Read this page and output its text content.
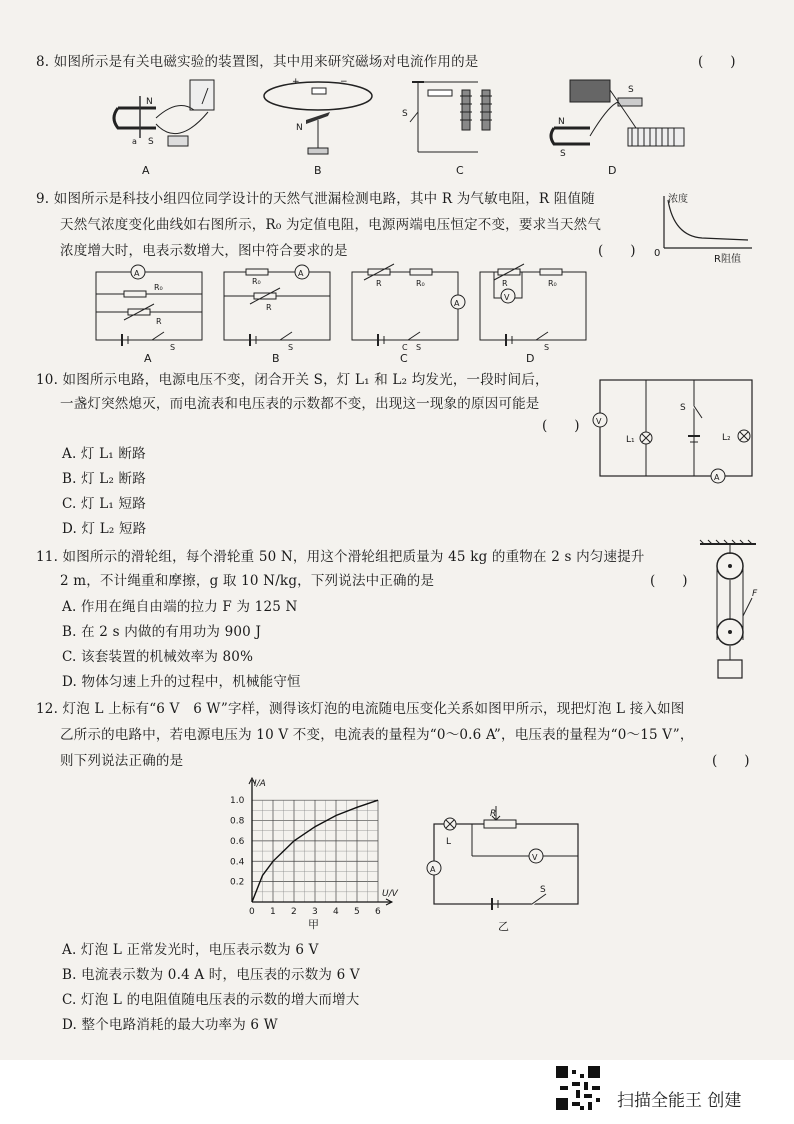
8. 如图所示是有关电磁实验的装置图，其中用来研究磁场对电流作用的是	(　　)
N
S
a
+	−
N
S
S
N
S
A	B	C	D
9. 如图所示是科技小组四位同学设计的天然气泄漏检测电路，其中 R 为气敏电阻，R 阻值随
天然气浓度变化曲线如右图所示，R₀ 为定值电阻，电源两端电压恒定不变，要求当天然气
浓度增大时，电表示数增大，图中符合要求的是	(　　)
浓度
0
R阻值
A
R₀
R
S
A
R₀
R
S
R	R₀
A
C S
R
V
R₀
S
A	B	C	D
10. 如图所示电路，电源电压不变，闭合开关 S，灯 L₁ 和 L₂ 均发光，一段时间后，
一盏灯突然熄灭，而电流表和电压表的示数都不变，出现这一现象的原因可能是
(　　)
A. 灯 L₁ 断路
B. 灯 L₂ 断路
C. 灯 L₁ 短路
D. 灯 L₂ 短路
V
L₁
S
L₂
A
11. 如图所示的滑轮组，每个滑轮重 50 N，用这个滑轮组把质量为 45 kg 的重物在 2 s 内匀速提升
2 m，不计绳重和摩擦，g 取 10 N/kg，下列说法中正确的是	(　　)
A. 作用在绳自由端的拉力 F 为 125 N
B. 在 2 s 内做的有用功为 900 J
C. 该套装置的机械效率为 80%
D. 物体匀速上升的过程中，机械能守恒
F
12. 灯泡 L 上标有“6 V　6 W”字样，测得该灯泡的电流随电压变化关系如图甲所示，现把灯泡 L 接入如图
乙所示的电路中，若电源电压为 10 V 不变，电流表的量程为“0～0.6 A”，电压表的量程为“0～15 V”，
则下列说法正确的是	(　　)
I/A
U/V
0 1 2 3 4 5 6
0.2
0.4
0.6
0.8
1.0
甲
L
R
V
A
S
乙
A. 灯泡 L 正常发光时，电压表示数为 6 V
B. 电流表示数为 0.4 A 时，电压表的示数为 6 V
C. 灯泡 L 的电阻值随电压表的示数的增大而增大
D. 整个电路消耗的最大功率为 6 W
扫描全能王 创建
